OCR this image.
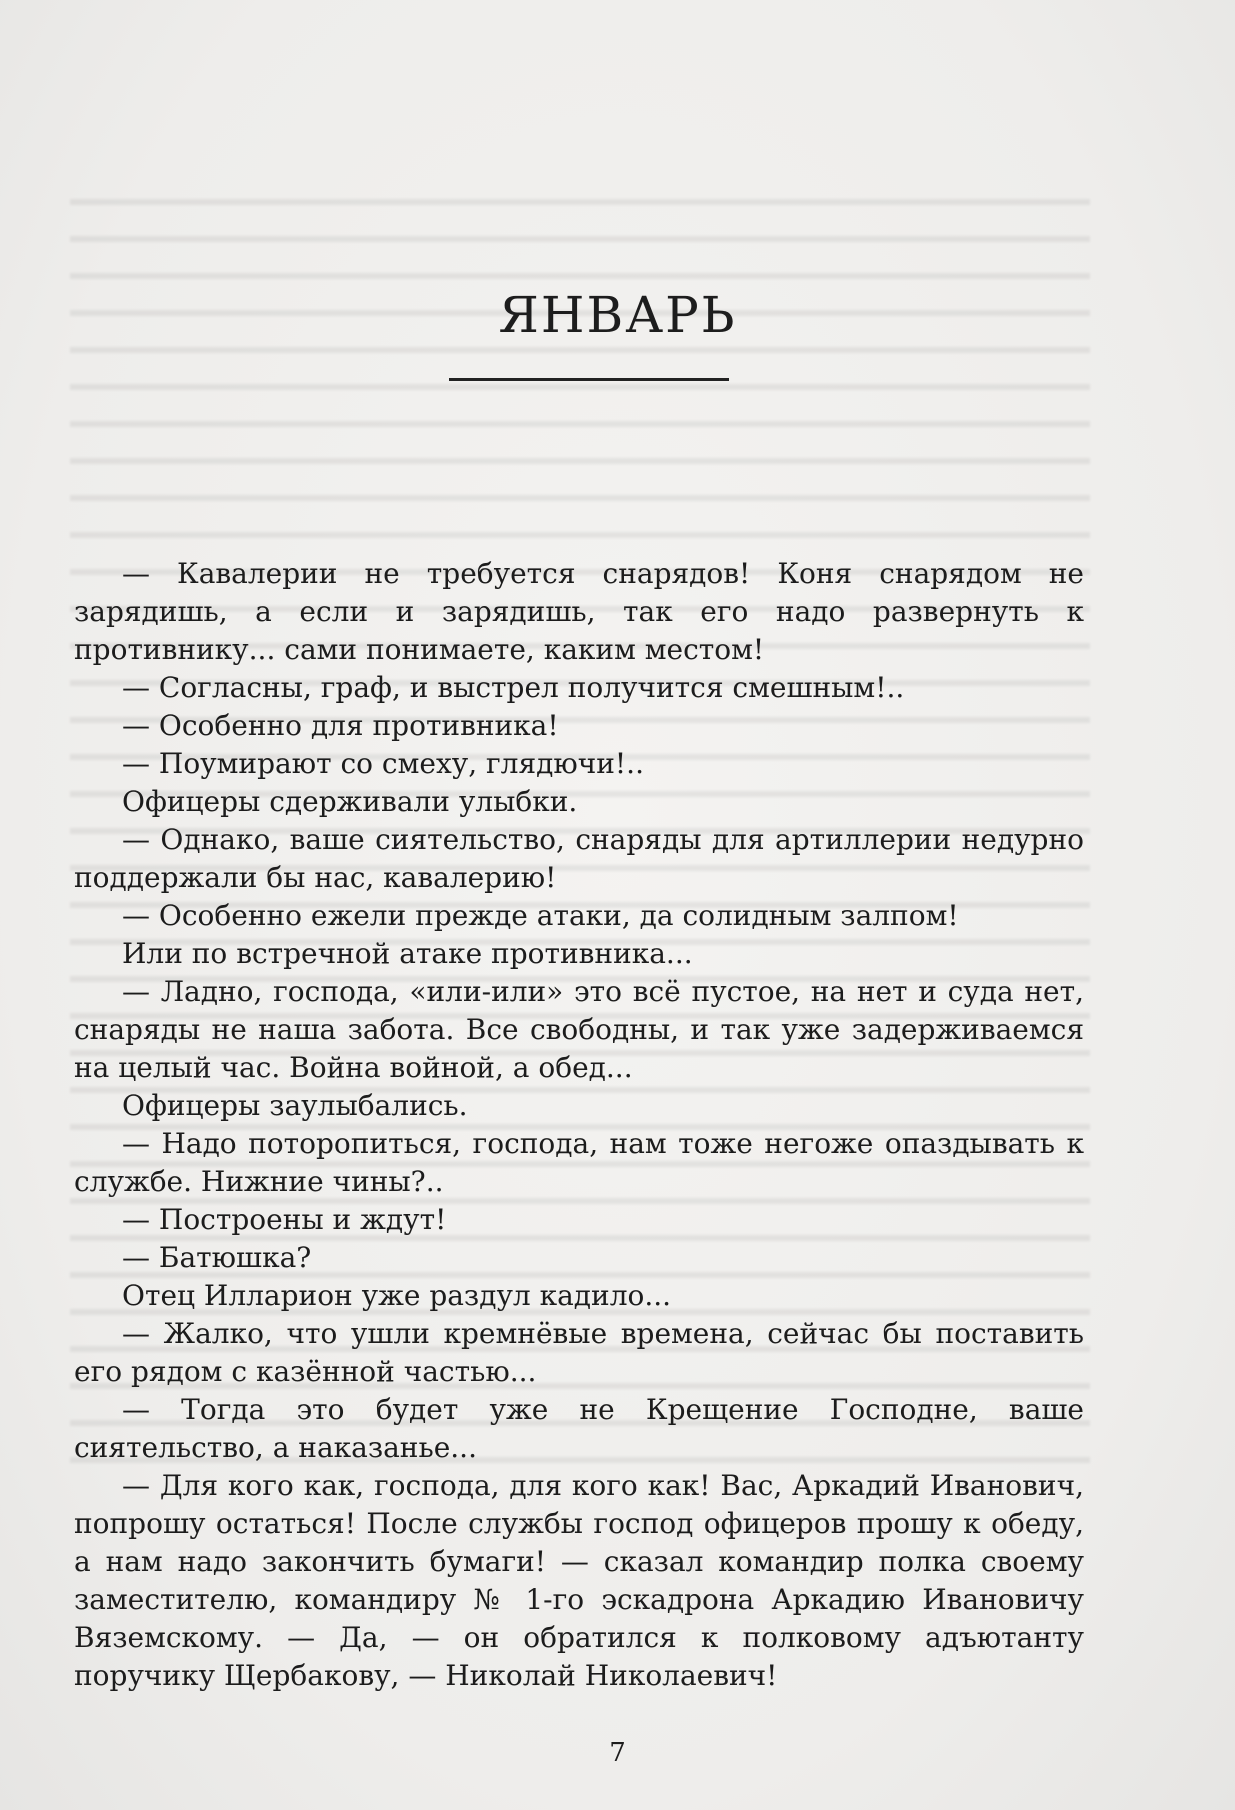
ЯНВАРЬ

— Кавалерии не требуется снарядов! Коня снарядом не зарядишь, а если и зарядишь, так его надо развернуть к противнику... сами понимаете, каким местом!

— Согласны, граф, и выстрел получится смешным!..

— Особенно для противника!

— Поумирают со смеху, глядючи!..

Офицеры сдерживали улыбки.

— Однако, ваше сиятельство, снаряды для артиллерии недурно поддержали бы нас, кавалерию!

— Особенно ежели прежде атаки, да солидным залпом!

Или по встречной атаке противника...

— Ладно, господа, «или-или» это всё пустое, на нет и суда нет, снаряды не наша забота. Все свободны, и так уже задерживаемся на целый час. Война войной, а обед...

Офицеры заулыбались.

— Надо поторопиться, господа, нам тоже негоже опаздывать к службе. Нижние чины?..

— Построены и ждут!

— Батюшка?

Отец Илларион уже раздул кадило...

— Жалко, что ушли кремнёвые времена, сейчас бы поставить его рядом с казённой частью...

— Тогда это будет уже не Крещение Господне, ваше сиятельство, а наказанье...

— Для кого как, господа, для кого как! Вас, Аркадий Иванович, попрошу остаться! После службы господ офицеров прошу к обеду, а нам надо закончить бумаги! — сказал командир полка своему заместителю, командиру № 1-го эскадрона Аркадию Ивановичу Вяземскому. — Да, — он обратился к полковому адъютанту поручику Щербакову, — Николай Николаевич!

7
